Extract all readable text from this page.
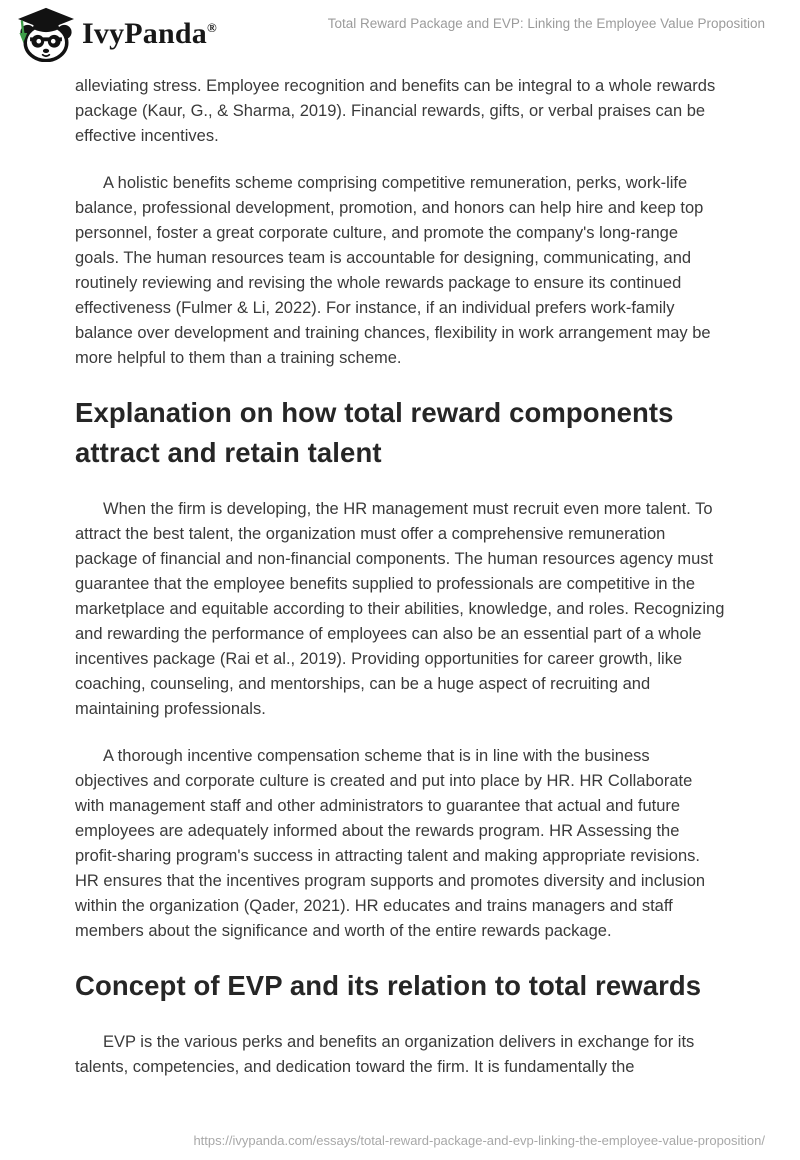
IvyPanda®	Total Reward Package and EVP: Linking the Employee Value Proposition

alleviating stress. Employee recognition and benefits can be integral to a whole rewards package (Kaur, G., & Sharma, 2019). Financial rewards, gifts, or verbal praises can be effective incentives.

A holistic benefits scheme comprising competitive remuneration, perks, work-life balance, professional development, promotion, and honors can help hire and keep top personnel, foster a great corporate culture, and promote the company's long-range goals. The human resources team is accountable for designing, communicating, and routinely reviewing and revising the whole rewards package to ensure its continued effectiveness (Fulmer & Li, 2022). For instance, if an individual prefers work-family balance over development and training chances, flexibility in work arrangement may be more helpful to them than a training scheme.

Explanation on how total reward components attract and retain talent

When the firm is developing, the HR management must recruit even more talent. To attract the best talent, the organization must offer a comprehensive remuneration package of financial and non-financial components. The human resources agency must guarantee that the employee benefits supplied to professionals are competitive in the marketplace and equitable according to their abilities, knowledge, and roles. Recognizing and rewarding the performance of employees can also be an essential part of a whole incentives package (Rai et al., 2019). Providing opportunities for career growth, like coaching, counseling, and mentorships, can be a huge aspect of recruiting and maintaining professionals.

A thorough incentive compensation scheme that is in line with the business objectives and corporate culture is created and put into place by HR. HR Collaborate with management staff and other administrators to guarantee that actual and future employees are adequately informed about the rewards program. HR Assessing the profit-sharing program's success in attracting talent and making appropriate revisions. HR ensures that the incentives program supports and promotes diversity and inclusion within the organization (Qader, 2021). HR educates and trains managers and staff members about the significance and worth of the entire rewards package.

Concept of EVP and its relation to total rewards

EVP is the various perks and benefits an organization delivers in exchange for its talents, competencies, and dedication toward the firm. It is fundamentally the

https://ivypanda.com/essays/total-reward-package-and-evp-linking-the-employee-value-proposition/
